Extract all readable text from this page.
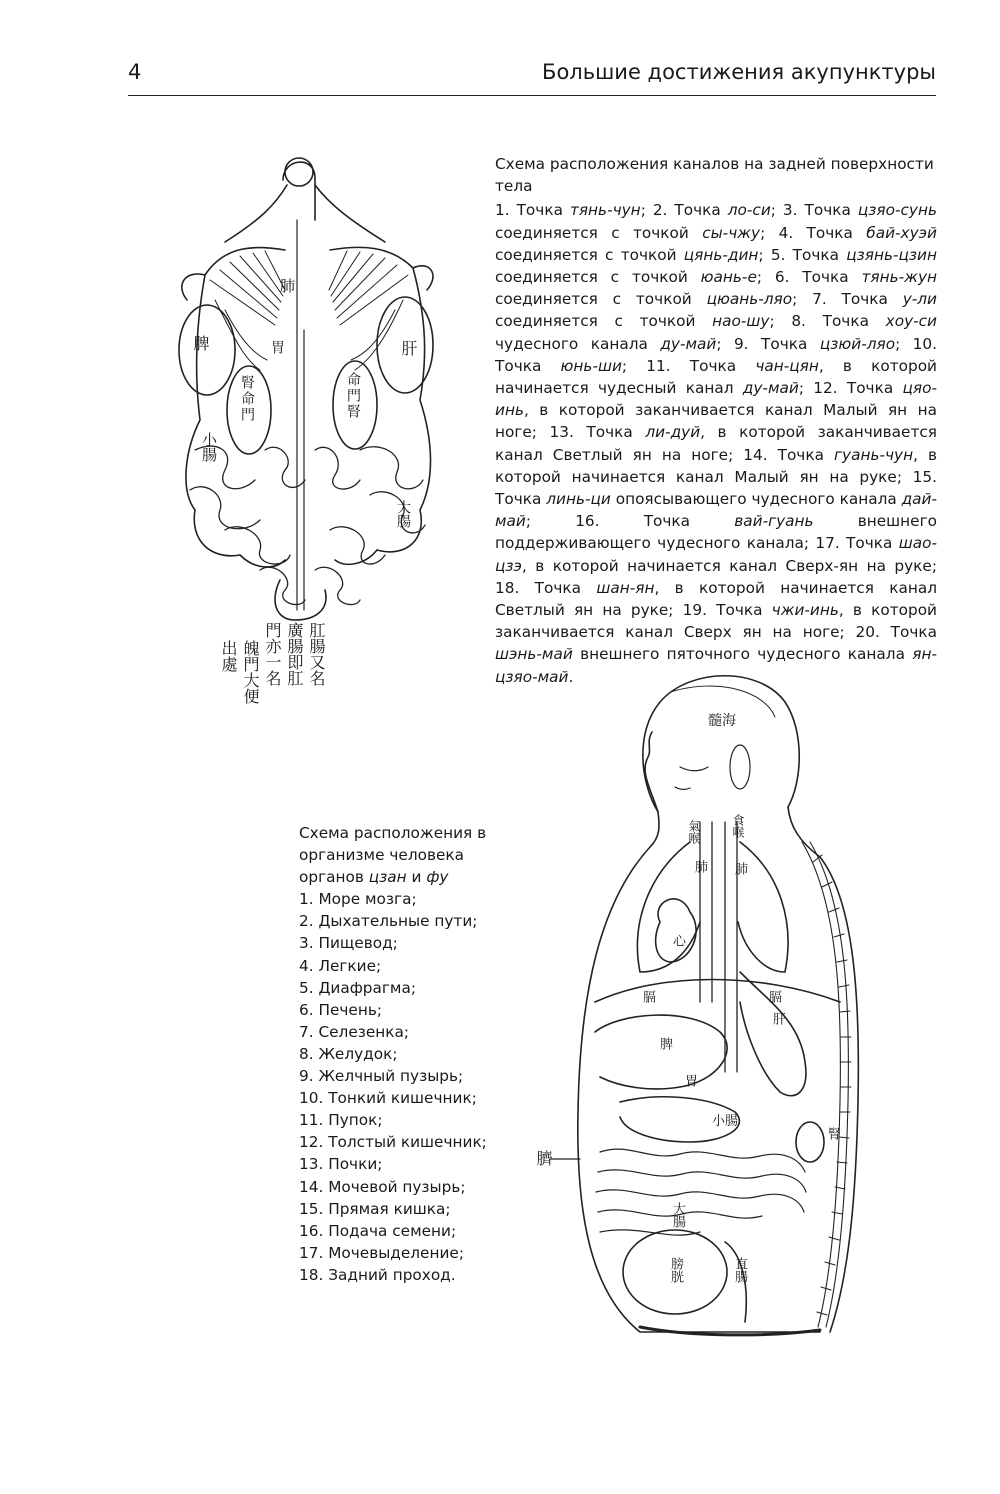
4	Большие достижения акупунктуры
肺
脾	肝
胃
腎命門	命門腎
小腸
大腸
肛腸又名
廣腸即肛
門亦一名
魄門大便
出處
Схема расположения каналов на задней поверхности тела
1. Точка тянь-чун; 2. Точка ло-си; 3. Точка цзяо-сунь соединяется с точкой сы-чжу; 4. Точка бай-хуэй соединяется с точкой цянь-дин; 5. Точка цзянь-цзин соединяется с точкой юань-е; 6. Точка тянь-жун соединяется с точкой цюань-ляо; 7. Точка у-ли соединяется с точкой нао-шу; 8. Точка хоу-си чудесного канала ду-май; 9. Точка цзюй-ляо; 10. Точка юнь-ши; 11. Точка чан-цян, в которой начинается чудесный канал ду-май; 12. Точка цяо-инь, в которой заканчивается канал Малый ян на ноге; 13. Точка ли-дуй, в которой заканчивается канал Светлый ян на ноге; 14. Точка гуань-чун, в которой начинается канал Малый ян на руке; 15. Точка линь-ци опоясывающего чудесного канала дай-май; 16. Точка вай-гуань внешнего поддерживающего чудесного канала; 17. Точка шао-цзэ, в которой начинается канал Сверх-ян на руке; 18. Точка шан-ян, в которой начинается канал Светлый ян на руке; 19. Точка чжи-инь, в которой заканчивается канал Сверх ян на ноге; 20. Точка шэнь-май внешнего пяточного чудесного канала ян-цзяо-май.
Схема расположения в организме человека органов цзан и фу
1. Море мозга;
2. Дыхательные пути;
3. Пищевод;
4. Легкие;
5. Диафрагма;
6. Печень;
7. Селезенка;
8. Желудок;
9. Желчный пузырь;
10. Тонкий кишечник;
11. Пупок;
12. Толстый кишечник;
13. Почки;
14. Мочевой пузырь;
15. Прямая кишка;
16. Подача семени;
17. Мочевыделение;
18. Задний проход.
髓海
氣喉	食喉
肺 肺
心
膈	膈
肝
脾
胃
小腸
大腸
腎
臍
膀胱	直腸
